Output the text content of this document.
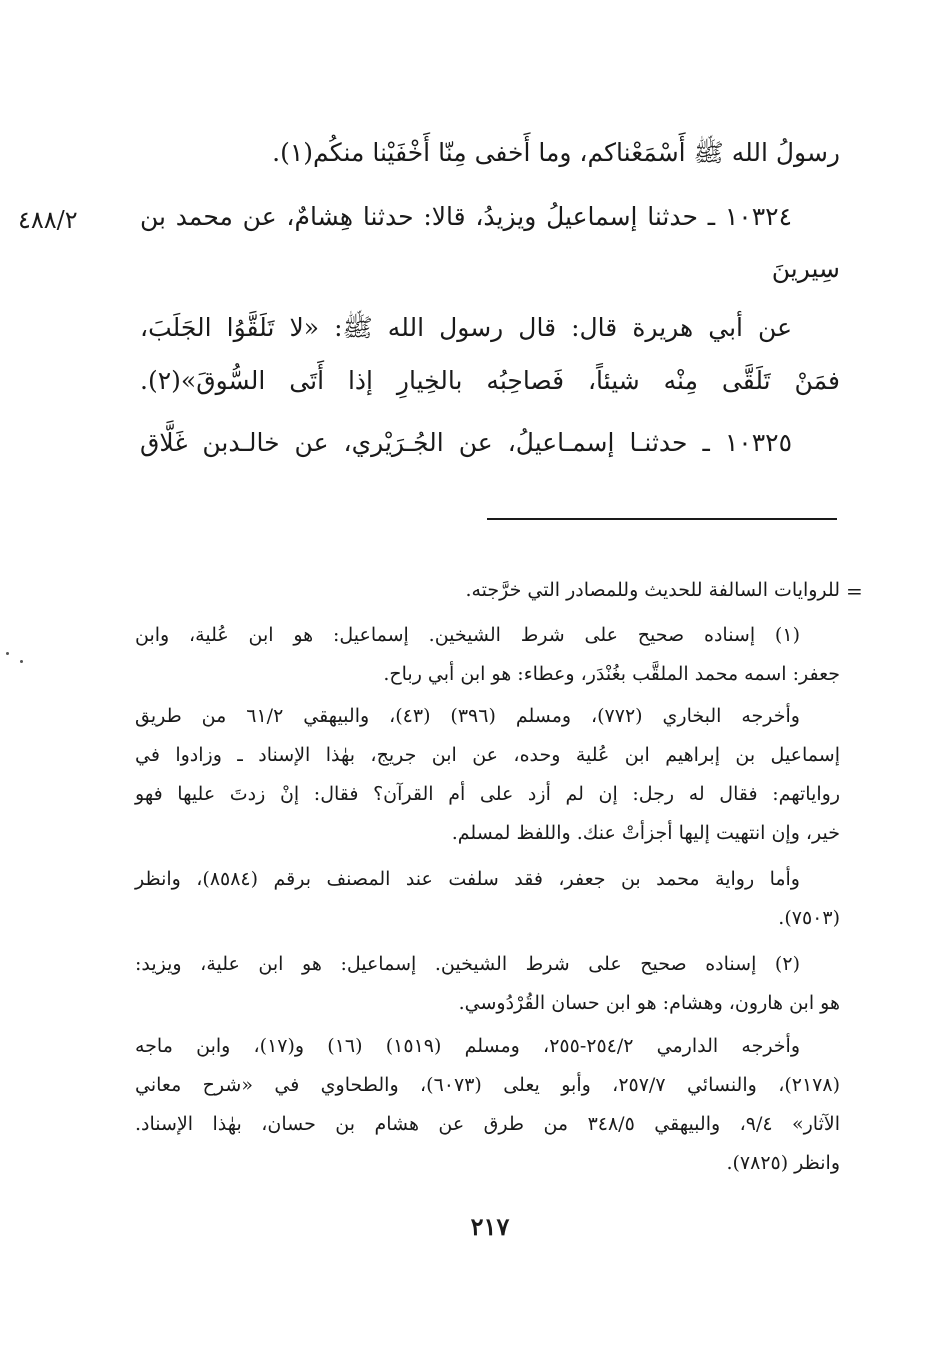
رسولُ الله ﷺ أَسْمَعْناكم، وما أَخفى مِنّا أَخْفَيْنا منكُم(١).
١٠٣٢٤ ـ حدثنا إسماعيلُ ويزيدُ، قالا: حدثنا هِشامٌ، عن محمد بن
٤٨٨/٢
سِيرينَ
عن أبي هريرة قال: قال رسول الله ﷺ: «لا تَلَقَّوُا الجَلَبَ،
فمَنْ تَلَقَّى مِنْه شيئاً، فَصاحِبُه بالخِيارِ إذا أَتَى السُّوقَ»(٢).
١٠٣٢٥ ـ حدثنـا إسمـاعيلُ، عن الجُـرَيْري، عن خالـدبن غَلَّاق
=
للروايات السالفة للحديث وللمصادر التي خرَّجته.
(١) إسناده صحيح على شرط الشيخين. إسماعيل: هو ابن عُلية، وابن
جعفر: اسمه محمد الملقَّب بغُنْدَر، وعطاء: هو ابن أبي رباح.
وأخرجه البخاري (٧٧٢)، ومسلم (٣٩٦) (٤٣)، والبيهقي ٦١/٢ من طريق
إسماعيل بن إبراهيم ابن عُلية وحده، عن ابن جريج، بهٰذا الإسناد ـ وزادوا في
رواياتهم: فقال له رجل: إن لم أزد على أم القرآن؟ فقال: إنْ زدتَ عليها فهو
خير، وإن انتهيت إليها أجزأتْ عنك. واللفظ لمسلم.
وأما رواية محمد بن جعفر، فقد سلفت عند المصنف برقم (٨٥٨٤)، وانظر
(٧٥٠٣).
(٢) إسناده صحيح على شرط الشيخين. إسماعيل: هو ابن علية، ويزيد:
هو ابن هارون، وهشام: هو ابن حسان القُرْدُوسي.
وأخرجه الدارمي ٢٥٤/٢-٢٥٥، ومسلم (١٥١٩) (١٦) و(١٧)، وابن ماجه
(٢١٧٨)، والنسائي ٢٥٧/٧، وأبو يعلى (٦٠٧٣)، والطحاوي في «شرح معاني
الآثار» ٩/٤، والبيهقي ٣٤٨/٥ من طرق عن هشام بن حسان، بهٰذا الإسناد.
وانظر (٧٨٢٥).
٢١٧
